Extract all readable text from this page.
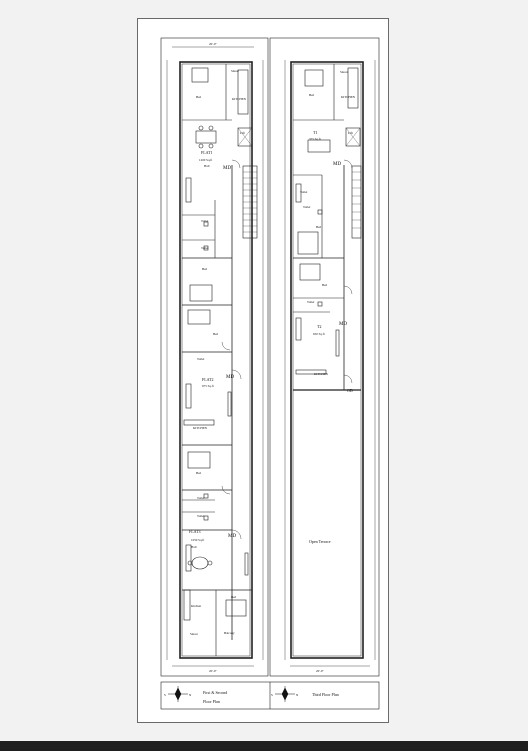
20'-0"
20'-0"
Sitout
Bed	KITCHEN
Lift
FLAT1
1200 Sq.ft
Hall	MD
Toilet
Toilet
Bed
Bed
Toilet
FLAT2
975 Sq.ft
MD
KITCHEN
Bed
Toilet
Toilet
FLAT3
1050 Sq.ft
MD
Hall
Bed
Kitchen
Sitout	Balcony
20'-0"
Sitout
Bed	KITCHEN
T1
375 Sq.ft
Lift
MD
Toilet
Toilet
Bed
Bed
Toilet
T2
650 Sq.ft
MD
KITCHEN
OD
Open Terrace
S	N	S	N
First & Second
Floor Plan
Third Floor Plan
